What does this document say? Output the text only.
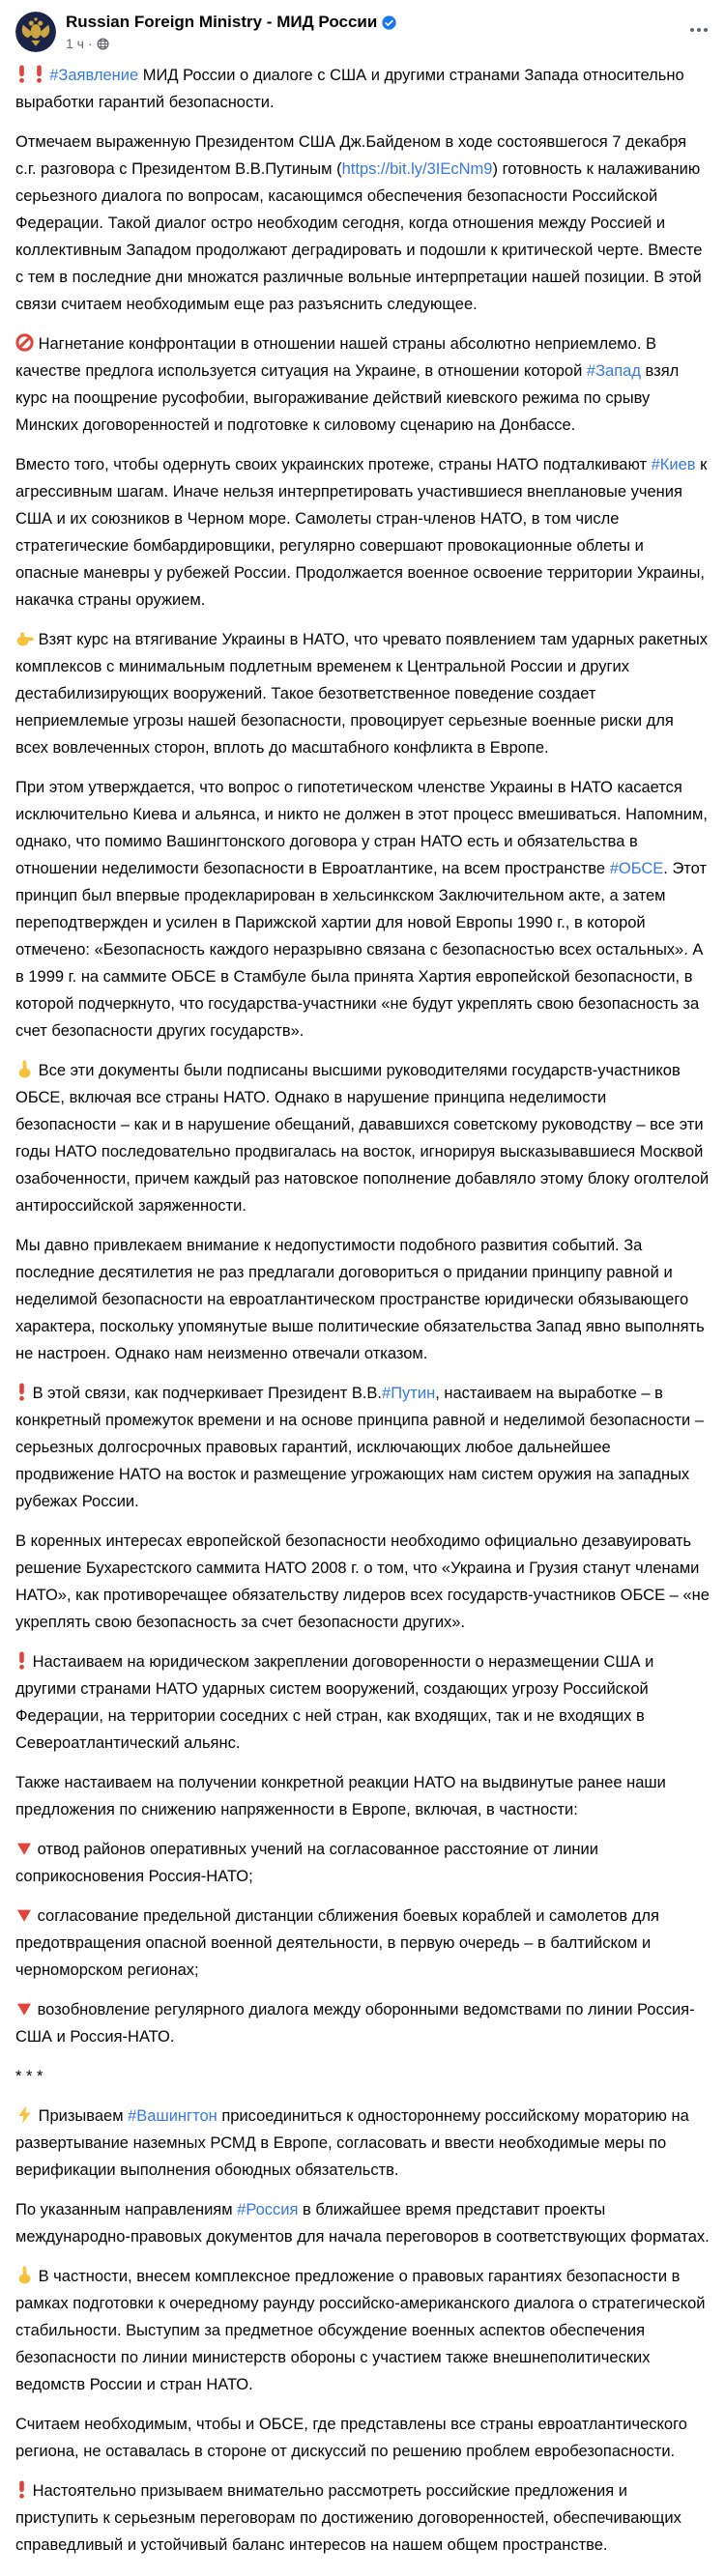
Russian Foreign Ministry - МИД России
1 ч ·

#Заявление МИД России о диалоге с США и другими странами Запада относительно выработки гарантий безопасности.

Отмечаем выраженную Президентом США Дж.Байденом в ходе состоявшегося 7 декабря с.г. разговора с Президентом В.В.Путиным (https://bit.ly/3IEcNm9) готовность к налаживанию серьезного диалога по вопросам, касающимся обеспечения безопасности Российской Федерации. Такой диалог остро необходим сегодня, когда отношения между Россией и коллективным Западом продолжают деградировать и подошли к критической черте. Вместе с тем в последние дни множатся различные вольные интерпретации нашей позиции. В этой связи считаем необходимым еще раз разъяснить следующее.

Нагнетание конфронтации в отношении нашей страны абсолютно неприемлемо. В качестве предлога используется ситуация на Украине, в отношении которой #Запад взял курс на поощрение русофобии, выгораживание действий киевского режима по срыву Минских договоренностей и подготовке к силовому сценарию на Донбассе.

Вместо того, чтобы одернуть своих украинских протеже, страны НАТО подталкивают #Киев к агрессивным шагам. Иначе нельзя интерпретировать участившиеся внеплановые учения США и их союзников в Черном море. Самолеты стран-членов НАТО, в том числе стратегические бомбардировщики, регулярно совершают провокационные облеты и опасные маневры у рубежей России. Продолжается военное освоение территории Украины, накачка страны оружием.

Взят курс на втягивание Украины в НАТО, что чревато появлением там ударных ракетных комплексов с минимальным подлетным временем к Центральной России и других дестабилизирующих вооружений. Такое безответственное поведение создает неприемлемые угрозы нашей безопасности, провоцирует серьезные военные риски для всех вовлеченных сторон, вплоть до масштабного конфликта в Европе.

При этом утверждается, что вопрос о гипотетическом членстве Украины в НАТО касается исключительно Киева и альянса, и никто не должен в этот процесс вмешиваться. Напомним, однако, что помимо Вашингтонского договора у стран НАТО есть и обязательства в отношении неделимости безопасности в Евроатлантике, на всем пространстве #ОБСЕ. Этот принцип был впервые продекларирован в хельсинкском Заключительном акте, а затем переподтвержден и усилен в Парижской хартии для новой Европы 1990 г., в которой отмечено: «Безопасность каждого неразрывно связана с безопасностью всех остальных». А в 1999 г. на саммите ОБСЕ в Стамбуле была принята Хартия европейской безопасности, в которой подчеркнуто, что государства-участники «не будут укреплять свою безопасность за счет безопасности других государств».

Все эти документы были подписаны высшими руководителями государств-участников ОБСЕ, включая все страны НАТО. Однако в нарушение принципа неделимости безопасности – как и в нарушение обещаний, дававшихся советскому руководству – все эти годы НАТО последовательно продвигалась на восток, игнорируя высказывавшиеся Москвой озабоченности, причем каждый раз натовское пополнение добавляло этому блоку оголтелой антироссийской заряженности.

Мы давно привлекаем внимание к недопустимости подобного развития событий. За последние десятилетия не раз предлагали договориться о придании принципу равной и неделимой безопасности на евроатлантическом пространстве юридически обязывающего характера, поскольку упомянутые выше политические обязательства Запад явно выполнять не настроен. Однако нам неизменно отвечали отказом.

В этой связи, как подчеркивает Президент В.В.#Путин, настаиваем на выработке – в конкретный промежуток времени и на основе принципа равной и неделимой безопасности – серьезных долгосрочных правовых гарантий, исключающих любое дальнейшее продвижение НАТО на восток и размещение угрожающих нам систем оружия на западных рубежах России.

В коренных интересах европейской безопасности необходимо официально дезавуировать решение Бухарестского саммита НАТО 2008 г. о том, что «Украина и Грузия станут членами НАТО», как противоречащее обязательству лидеров всех государств-участников ОБСЕ – «не укреплять свою безопасность за счет безопасности других».

Настаиваем на юридическом закреплении договоренности о неразмещении США и другими странами НАТО ударных систем вооружений, создающих угрозу Российской Федерации, на территории соседних с ней стран, как входящих, так и не входящих в Североатлантический альянс.

Также настаиваем на получении конкретной реакции НАТО на выдвинутые ранее наши предложения по снижению напряженности в Европе, включая, в частности:

отвод районов оперативных учений на согласованное расстояние от линии соприкосновения Россия-НАТО;

согласование предельной дистанции сближения боевых кораблей и самолетов для предотвращения опасной военной деятельности, в первую очередь – в балтийском и черноморском регионах;

возобновление регулярного диалога между оборонными ведомствами по линии Россия-США и Россия-НАТО.

* * *

Призываем #Вашингтон присоединиться к одностороннему российскому мораторию на развертывание наземных РСМД в Европе, согласовать и ввести необходимые меры по верификации выполнения обоюдных обязательств.

По указанным направлениям #Россия в ближайшее время представит проекты международно-правовых документов для начала переговоров в соответствующих форматах.

В частности, внесем комплексное предложение о правовых гарантиях безопасности в рамках подготовки к очередному раунду российско-американского диалога о стратегической стабильности. Выступим за предметное обсуждение военных аспектов обеспечения безопасности по линии министерств обороны с участием также внешнеполитических ведомств России и стран НАТО.

Считаем необходимым, чтобы и ОБСЕ, где представлены все страны евроатлантического региона, не оставалась в стороне от дискуссий по решению проблем евробезопасности.

Настоятельно призываем внимательно рассмотреть российские предложения и приступить к серьезным переговорам по достижению договоренностей, обеспечивающих справедливый и устойчивый баланс интересов на нашем общем пространстве.
